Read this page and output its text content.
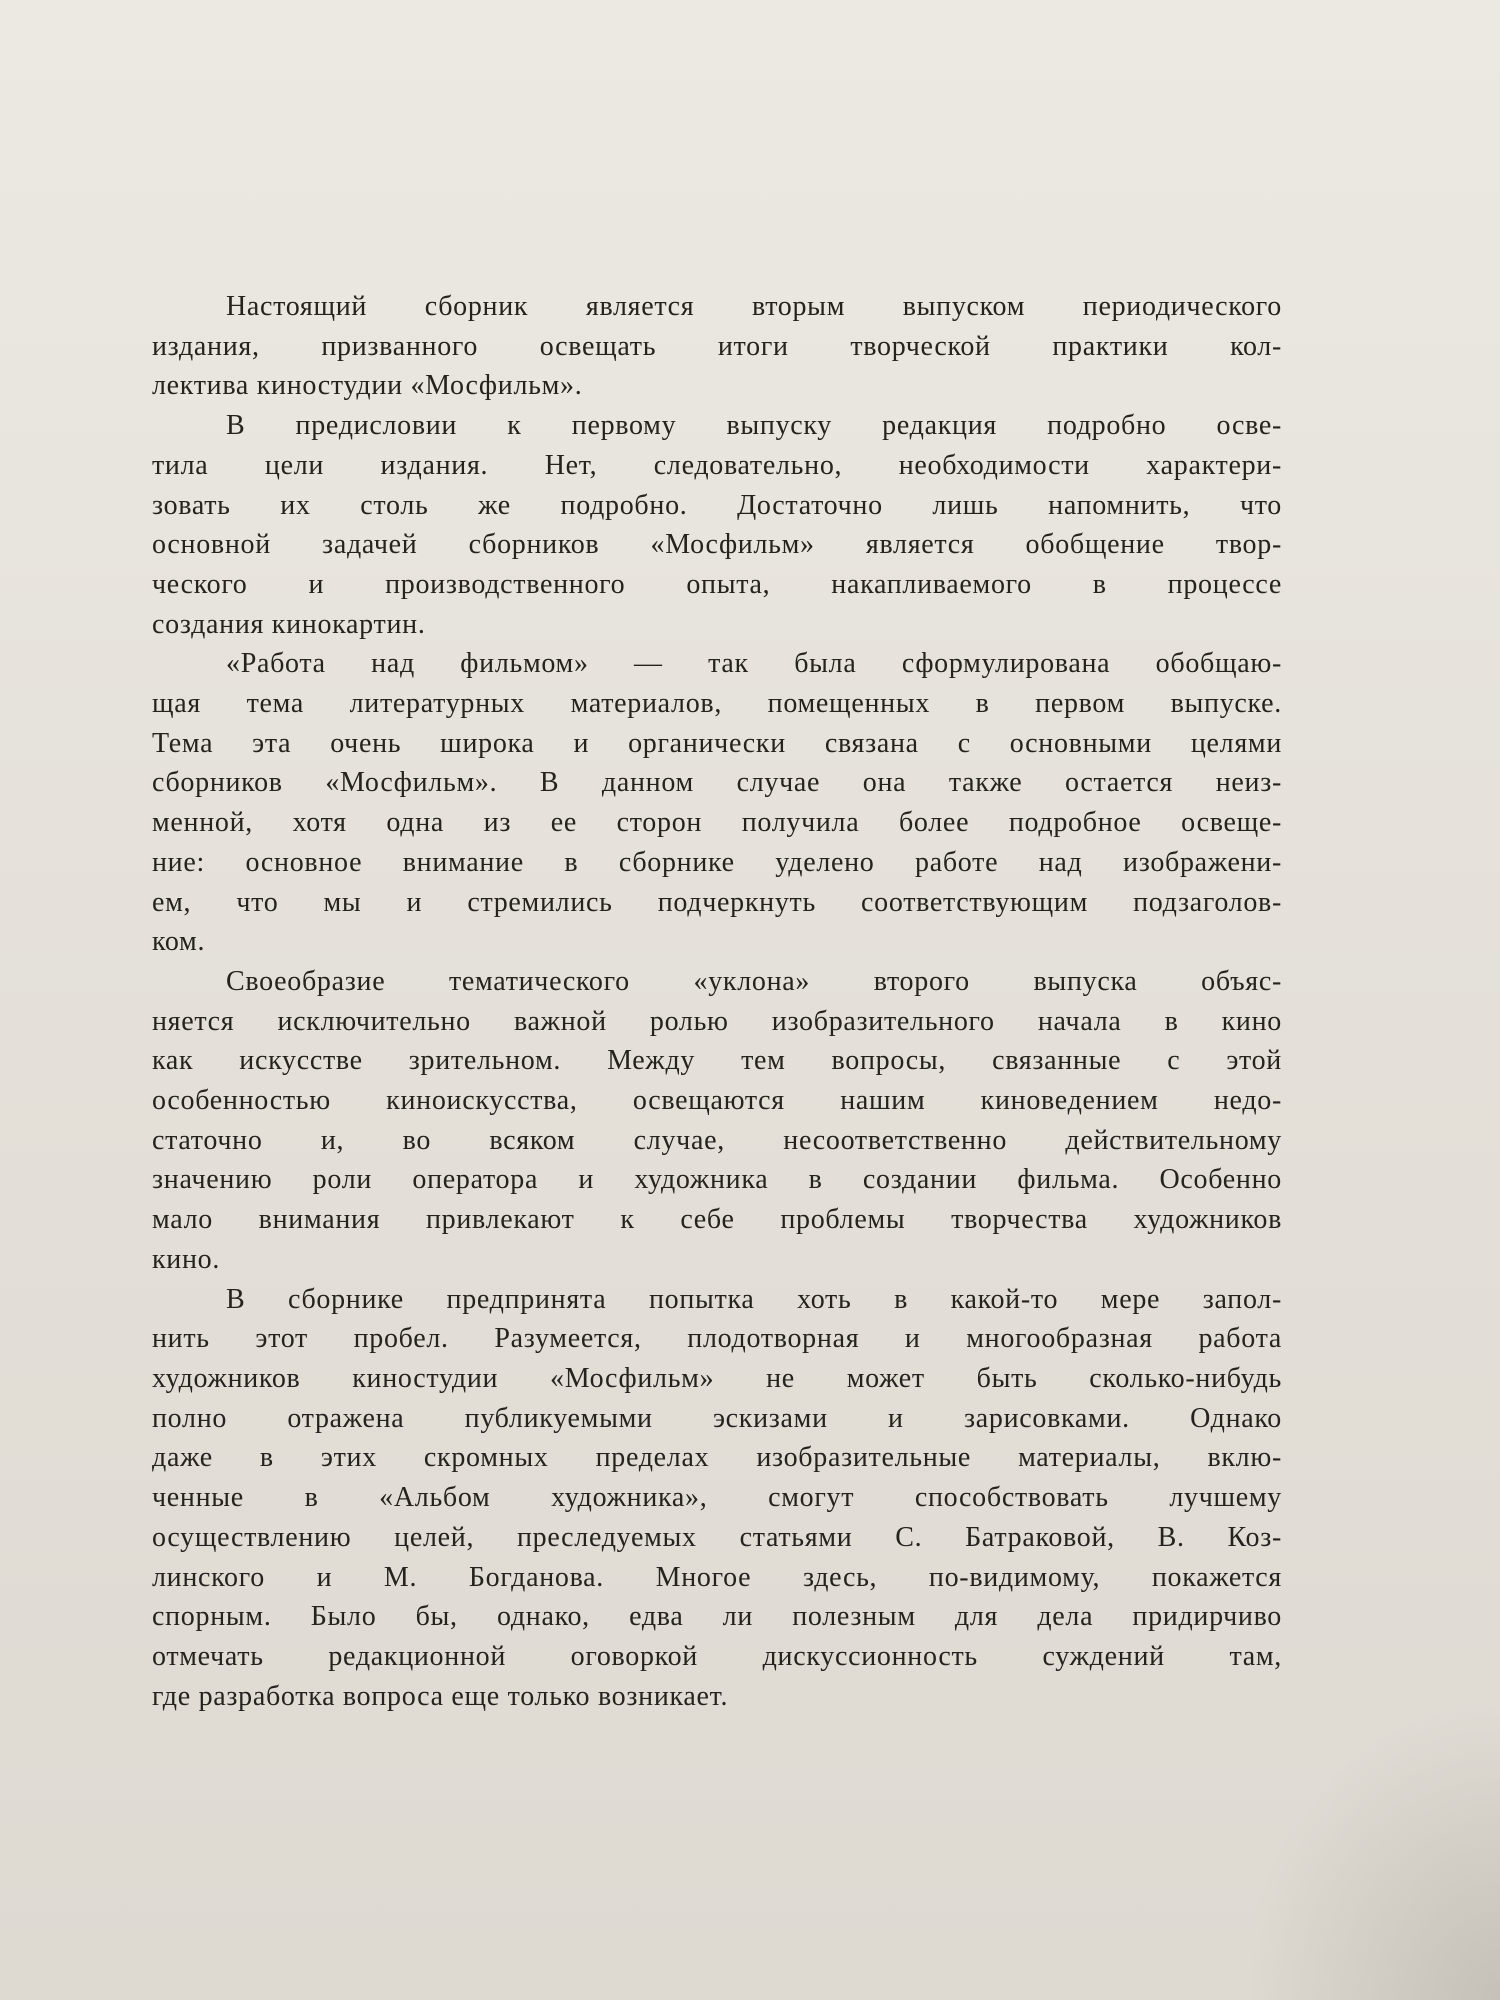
Настоящий сборник является вторым выпуском периодического
издания, призванного освещать итоги творческой практики кол-
лектива киностудии «Мосфильм».

В предисловии к первому выпуску редакция подробно осве-
тила цели издания. Нет, следовательно, необходимости характери-
зовать их столь же подробно. Достаточно лишь напомнить, что
основной задачей сборников «Мосфильм» является обобщение твор-
ческого и производственного опыта, накапливаемого в процессе
создания кинокартин.

«Работа над фильмом» — так была сформулирована обобщаю-
щая тема литературных материалов, помещенных в первом выпуске.
Тема эта очень широка и органически связана с основными целями
сборников «Мосфильм». В данном случае она также остается неиз-
менной, хотя одна из ее сторон получила более подробное освеще-
ние: основное внимание в сборнике уделено работе над изображени-
ем, что мы и стремились подчеркнуть соответствующим подзаголов-
ком.

Своеобразие тематического «уклона» второго выпуска объяс-
няется исключительно важной ролью изобразительного начала в кино
как искусстве зрительном. Между тем вопросы, связанные с этой
особенностью киноискусства, освещаются нашим киноведением недо-
статочно и, во всяком случае, несоответственно действительному
значению роли оператора и художника в создании фильма. Особенно
мало внимания привлекают к себе проблемы творчества художников
кино.

В сборнике предпринята попытка хоть в какой-то мере запол-
нить этот пробел. Разумеется, плодотворная и многообразная работа
художников киностудии «Мосфильм» не может быть сколько-нибудь
полно отражена публикуемыми эскизами и зарисовками. Однако
даже в этих скромных пределах изобразительные материалы, вклю-
ченные в «Альбом художника», смогут способствовать лучшему
осуществлению целей, преследуемых статьями С. Батраковой, В. Коз-
линского и М. Богданова. Многое здесь, по-видимому, покажется
спорным. Было бы, однако, едва ли полезным для дела придирчиво
отмечать редакционной оговоркой дискуссионность суждений там,
где разработка вопроса еще только возникает.
